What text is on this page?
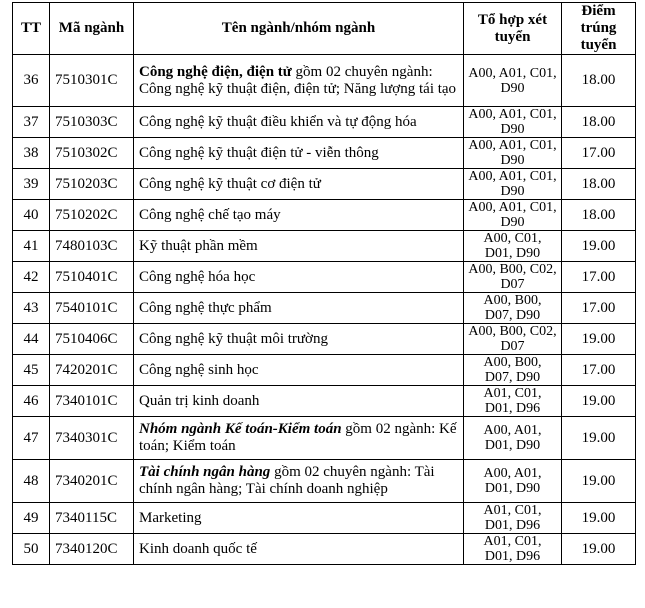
TT	Mã ngành	Tên ngành/nhóm ngành	Tổ hợp xét tuyển	Điểm trúng tuyển
36	7510301C	Công nghệ điện, điện tử gồm 02 chuyên ngành: Công nghệ kỹ thuật điện, điện tử; Năng lượng tái tạo	A00, A01, C01, D90	18.00
37	7510303C	Công nghệ kỹ thuật điều khiển và tự động hóa	A00, A01, C01, D90	18.00
38	7510302C	Công nghệ kỹ thuật điện tử - viễn thông	A00, A01, C01, D90	17.00
39	7510203C	Công nghệ kỹ thuật cơ điện tử	A00, A01, C01, D90	18.00
40	7510202C	Công nghệ chế tạo máy	A00, A01, C01, D90	18.00
41	7480103C	Kỹ thuật phần mềm	A00, C01, D01, D90	19.00
42	7510401C	Công nghệ hóa học	A00, B00, C02, D07	17.00
43	7540101C	Công nghệ thực phẩm	A00, B00, D07, D90	17.00
44	7510406C	Công nghệ kỹ thuật môi trường	A00, B00, C02, D07	19.00
45	7420201C	Công nghệ sinh học	A00, B00, D07, D90	17.00
46	7340101C	Quản trị kinh doanh	A01, C01, D01, D96	19.00
47	7340301C	Nhóm ngành Kế toán-Kiểm toán gồm 02 ngành: Kế toán; Kiểm toán	A00, A01, D01, D90	19.00
48	7340201C	Tài chính ngân hàng gồm 02 chuyên ngành: Tài chính ngân hàng; Tài chính doanh nghiệp	A00, A01, D01, D90	19.00
49	7340115C	Marketing	A01, C01, D01, D96	19.00
50	7340120C	Kinh doanh quốc tế	A01, C01, D01, D96	19.00
